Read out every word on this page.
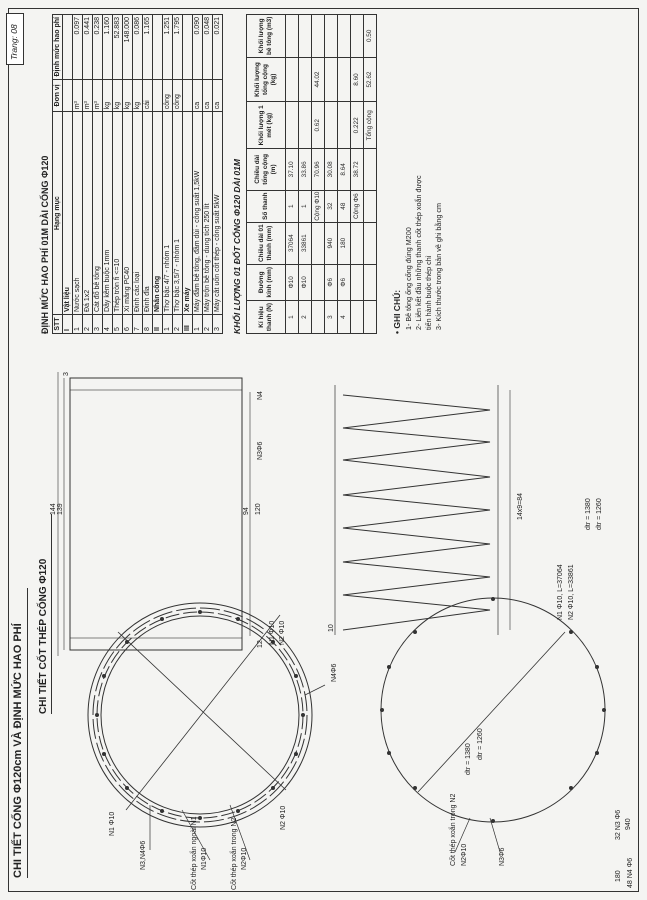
Trang: 08
CHI TIẾT CỐNG Φ120cm VÀ ĐỊNH MỨC HAO PHÍ CHI TIẾT CỐT THÉP CỐNG Φ120
N1 Φ10
N3,N4Φ6	N1Φ10
Cốt thép xoắn ngoài N1	N2Φ10
Cốt thép xoắn trong N2
N4Φ6
N2 Φ10	Cốt thép xoắn trong N2 N2Φ10	N3Φ6
dtr = 1380 dtr = 1260
N1 Φ10, L=37064 N2 Φ10, L=33861
dtr = 1380 dtr = 1260
14x9=84
144 139	120
94
12
10
3
N4
N3Φ6
N1 Φ10 N2 Φ10
32 N3 Φ6 940
180 48 N4 Φ6
ĐỊNH MỨC HAO PHÍ 01M DÀI CỐNG Φ120 STT	Hạng mục	Đơn vị	Định mức hao phí
I	Vật liệu		
1	Nước sạch	m³	0.097
2	Đá 1x2	m³	0.441
3	Cát đổ bê tông	m³	0.238
4	Dây kẽm buộc 1mm	kg	1.160
5	Thép tròn fi <=10	kg	52.883
6	Xi măng PC40	kg	148.000
7	Đinh các loại	kg	0.086
8	Đinh đỉa	cái	1.165
II	Nhân công		
1	Thợ bậc 4/7 - nhóm 1	công	1.251
2	Thợ bậc 3,5/7 - nhóm 1	công	1.795
III	Xe máy		
1	Máy đầm bê tông, đầm dùi - công suất 1,5kW	ca	0.090
2	Máy trộn bê tông - dung tích 250 lít	ca	0.048
3	Máy cắt uốn cốt thép - công suất 5kW	ca	0.021
KHỐI LƯỢNG 01 ĐỐT CỐNG Φ120 DÀI 01M	Kí hiệu thanh (N)	Đường kính (mm)	Chiều dài 01 thanh (mm)	Số thanh	Chiều dài tổng cộng (m)	Khối lượng 1 mét (kg)	Khối lượng tổng cộng (kg)	Khối lượng bê tông (m3)
1	Φ10	37064	1	37.10			
2	Φ10	33861	1	33.86			
			Cộng Φ10	70.96	0.62	44.02	
3	Φ6	940	32	30.08			
4	Φ6	180	48	8.64			
			Cộng Φ6	38.72	0.222	8.60	
					Tổng cộng	52.62	0.50
• GHI CHÚ: 1- Bê tông ống cống đúng M200 2- Liên kết đầu những thanh cốt thép xoắn được tiến hành buộc thép chì 3- Kích thước trong bản vẽ ghi bằng cm
